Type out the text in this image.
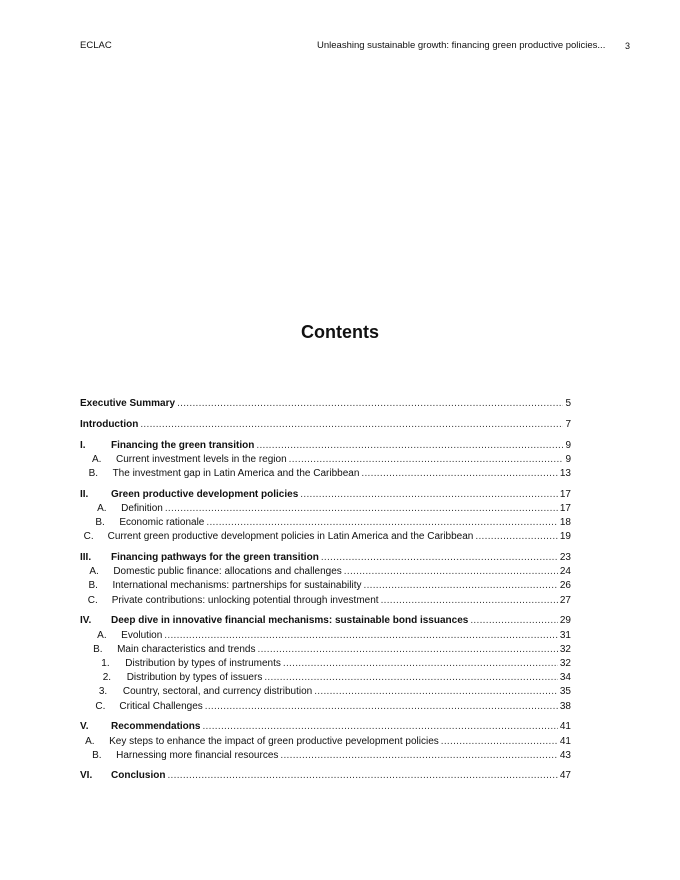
ECLAC	Unleashing sustainable growth: financing green productive policies... 3
Contents
Executive Summary .....	5
Introduction .....	7
I.	Financing the green transition .....	9
A.	Current investment levels in the region .....	9
B.	The investment gap in Latin America and the Caribbean .....	13
II.	Green productive development policies .....	17
A.	Definition .....	17
B.	Economic rationale .....	18
C.	Current green productive development policies in Latin America and the Caribbean .....	19
III.	Financing pathways for the green transition .....	23
A.	Domestic public finance: allocations and challenges .....	24
B.	International mechanisms: partnerships for sustainability .....	26
C.	Private contributions: unlocking potential through investment .....	27
IV.	Deep dive in innovative financial mechanisms: sustainable bond issuances .....	29
A.	Evolution .....	31
B.	Main characteristics and trends .....	32
1.	Distribution by types of instruments .....	32
2.	Distribution by types of issuers .....	34
3.	Country, sectoral, and currency distribution .....	35
C.	Critical Challenges .....	38
V.	Recommendations .....	41
A.	Key steps to enhance the impact of green productive pevelopment policies .....	41
B.	Harnessing more financial resources .....	43
VI.	Conclusion .....	47
